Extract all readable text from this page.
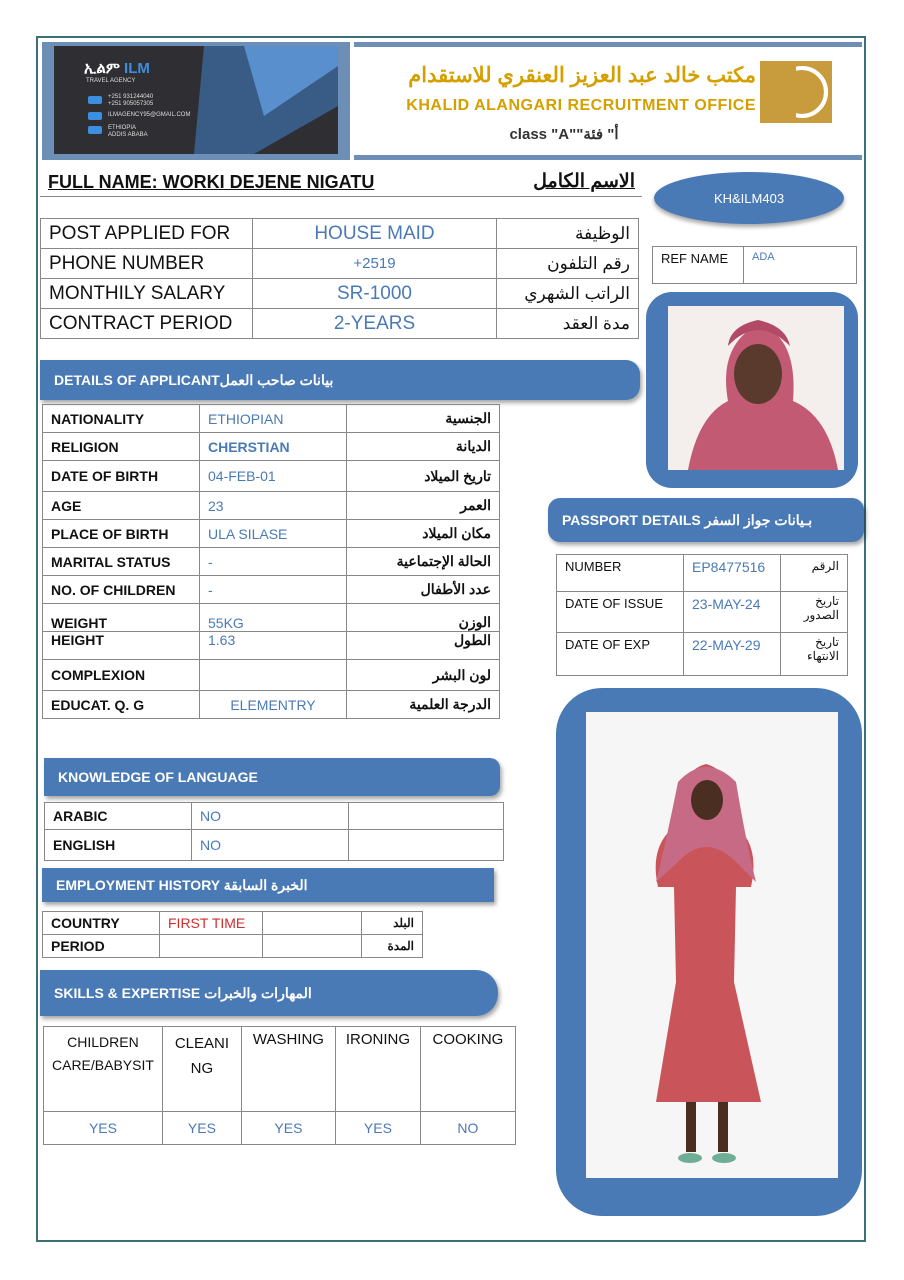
ኢልም ILM
TRAVEL AGENCY
+251 931244040
+251 905057305
ILMAGENCY95@GMAIL.COM
ETHIOPIA
ADDIS ABABA
مكتب خالد عبد العزيز العنقري للاستقدام
KHALID ALANGARI RECRUITMENT OFFICE
class "A""أ" فئة
FULL NAME: WORKI DEJENE NIGATU	الاسم الكامل
KH&ILM403
REF NAME	ADA
POST APPLIED FOR	HOUSE MAID	الوظيفة
PHONE NUMBER	+2519	رقم التلفون
MONTHILY SALARY	SR-1000	الراتب الشهري
CONTRACT PERIOD	2-YEARS	مدة العقد
DETAILS OF APPLICANTبيانات صاحب العمل
NATIONALITY	ETHIOPIAN	الجنسية
RELIGION	CHERSTIAN	الديانة
DATE OF BIRTH	04-FEB-01	تاريخ الميلاد
AGE	23	العمر
PLACE OF BIRTH	ULA SILASE	مكان الميلاد
MARITAL STATUS	-	الحالة الإجتماعية
NO. OF CHILDREN	-	عدد الأطفال
WEIGHT	55KG	الوزن
HEIGHT	1.63	الطول
COMPLEXION		لون البشر
EDUCAT. Q. G	ELEMENTRY	الدرجة العلمية
PASSPORT DETAILS بـيانات جواز السفر
NUMBER	EP8477516	الرقم
DATE OF ISSUE	23-MAY-24	تاريخ الصدور
DATE OF EXP	22-MAY-29	تاريخ الانتهاء
KNOWLEDGE OF LANGUAGE
ARABIC	NO	
ENGLISH	NO	
EMPLOYMENT HISTORY الخبرة السابقة
COUNTRY	FIRST TIME		البلد
PERIOD			المدة
SKILLS & EXPERTISE المهارات والخبرات
CHILDREN CARE/BABYSIT	CLEANING	WASHING	IRONING	COOKING
YES	YES	YES	YES	NO
